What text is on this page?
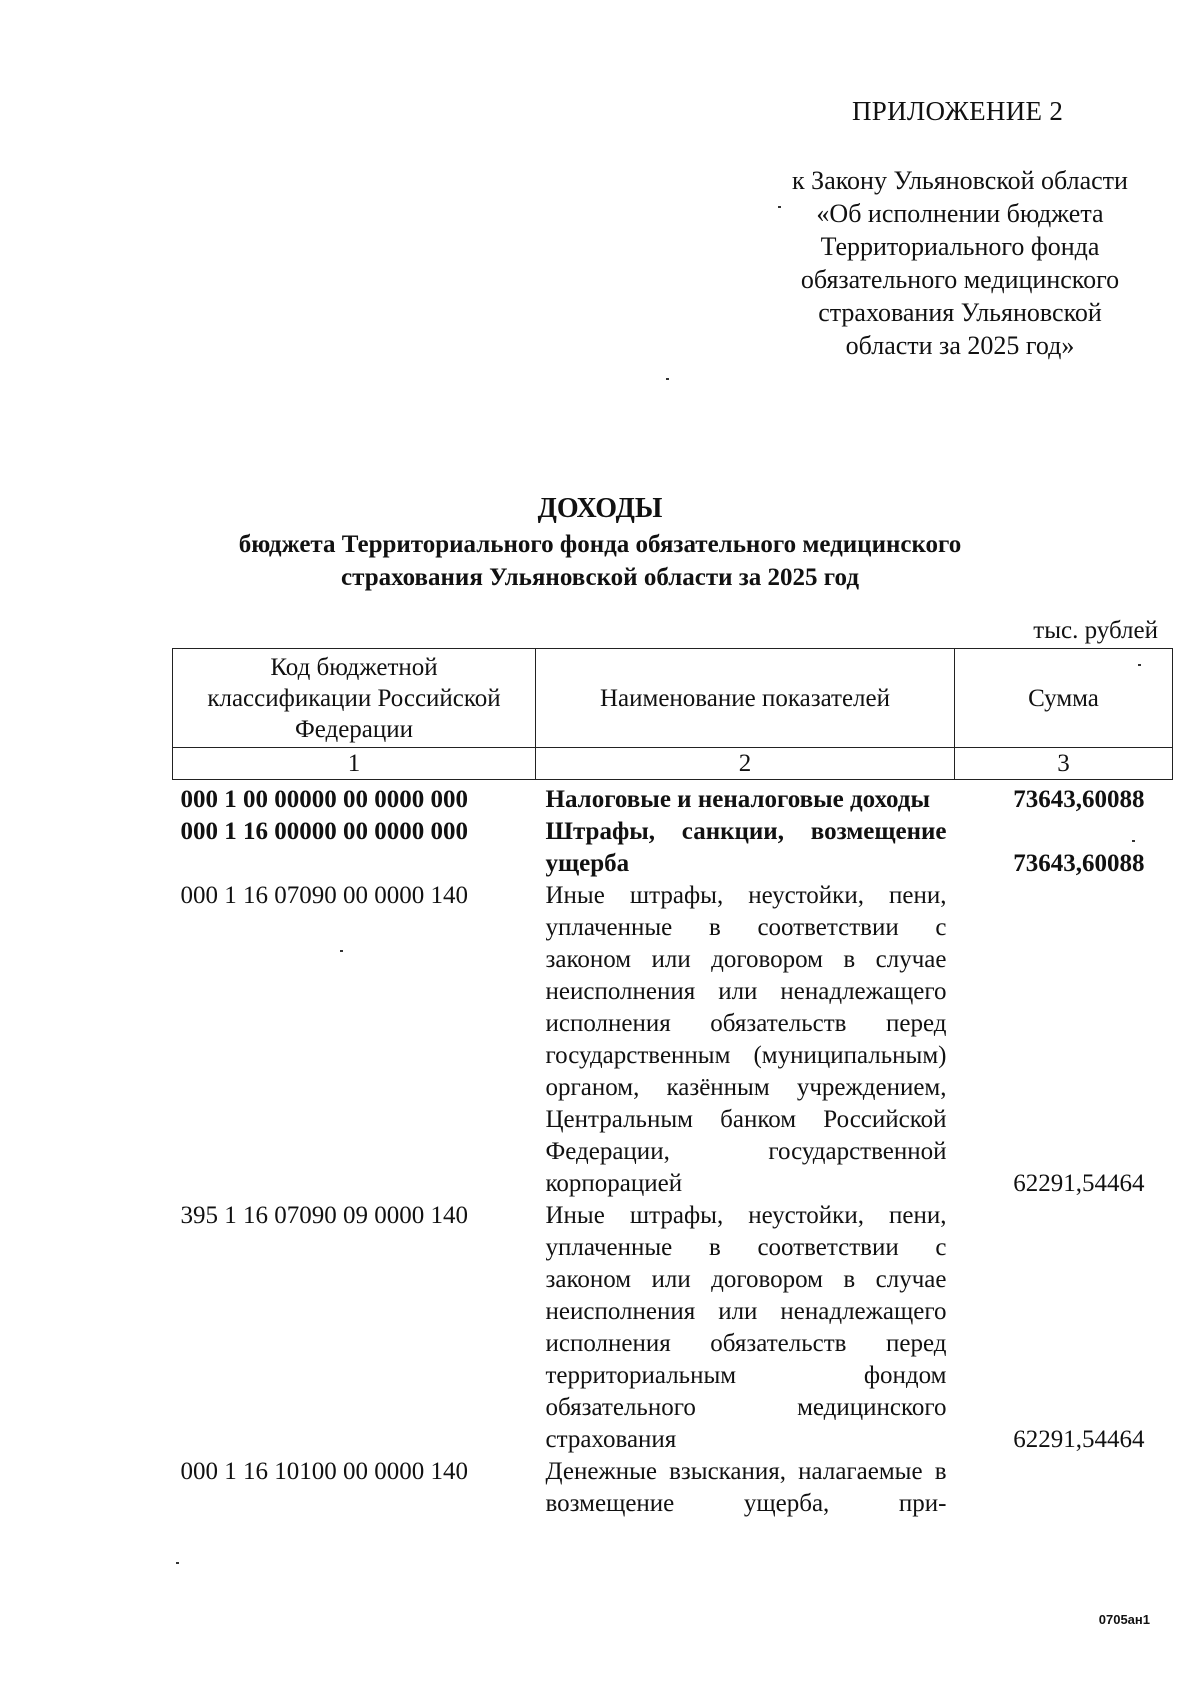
ПРИЛОЖЕНИЕ 2
к Закону Ульяновской области
«Об исполнении бюджета
Территориального фонда
обязательного медицинского
страхования Ульяновской
области за 2025 год»
ДОХОДЫ
бюджета Территориального фонда обязательного медицинского
страхования Ульяновской области за 2025 год
тыс. рублей
Код бюджетной классификации Российской Федерации	Наименование показателей	Сумма
1	2	3
000 1 00 00000 00 0000 000	Налоговые и неналоговые доходы	73643,60088
000 1 16 00000 00 0000 000	Штрафы, санкции, возмещение ущерба	73643,60088
000 1 16 07090 00 0000 140	Иные штрафы, неустойки, пени, уплаченные в соответствии с законом или договором в случае неисполнения или ненадлежащего исполнения обязательств перед государственным (муниципальным) органом, казённым учреждением, Центральным банком Российской Федерации, государственной корпорацией	62291,54464
395 1 16 07090 09 0000 140	Иные штрафы, неустойки, пени, уплаченные в соответствии с законом или договором в случае неисполнения или ненадлежащего исполнения обязательств перед территориальным фондом обязательного медицинского страхования	62291,54464
000 1 16 10100 00 0000 140	Денежные взыскания, налагаемые в возмещение ущерба, при-	
0705ан1
